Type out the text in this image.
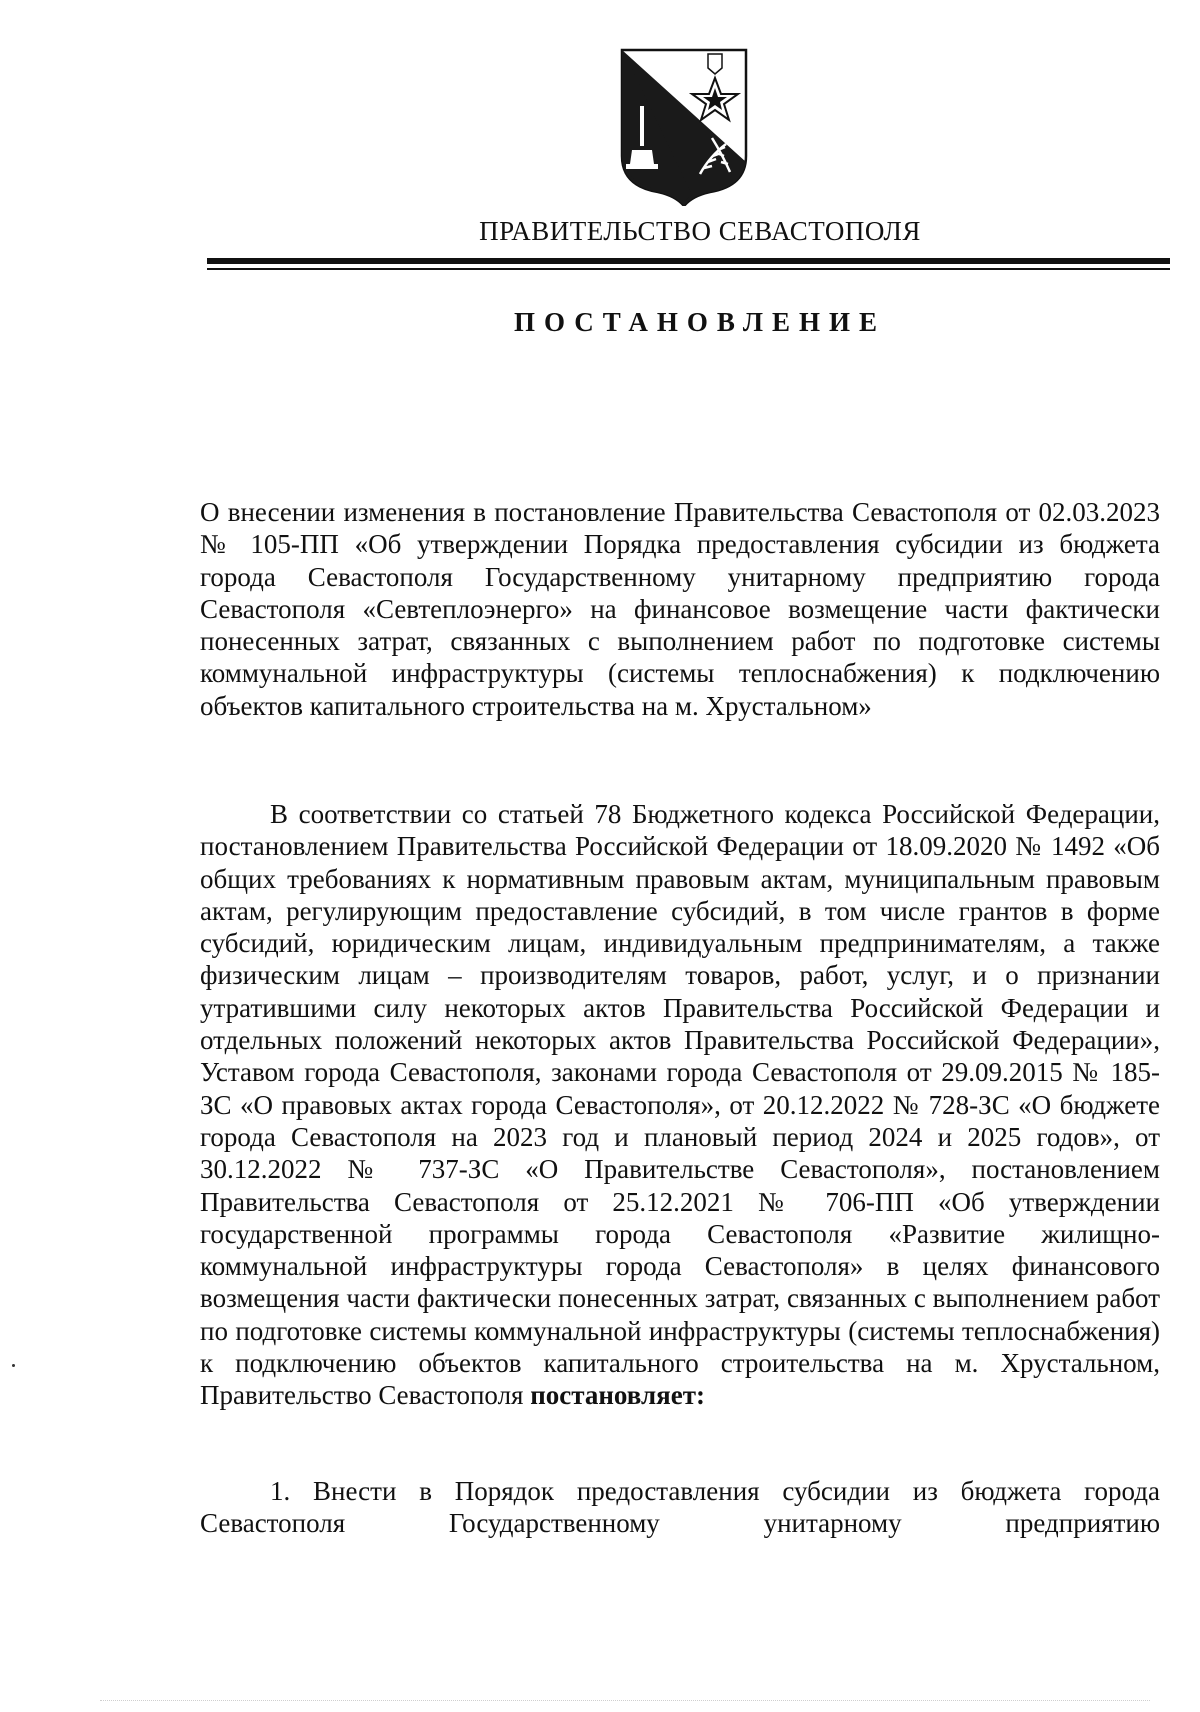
ПРАВИТЕЛЬСТВО СЕВАСТОПОЛЯ
ПОСТАНОВЛЕНИЕ
О внесении изменения в постановление Правительства Севастополя от 02.03.2023 № 105-ПП «Об утверждении Порядка предоставления субсидии из бюджета города Севастополя Государственному унитарному предприятию города Севастополя «Севтеплоэнерго» на финансовое возмещение части фактически понесенных затрат, связанных с выполнением работ по подготовке системы коммунальной инфраструктуры (системы теплоснабжения) к подключению объектов капитального строительства на м. Хрустальном»
В соответствии со статьей 78 Бюджетного кодекса Российской Федерации, постановлением Правительства Российской Федерации от 18.09.2020 № 1492 «Об общих требованиях к нормативным правовым актам, муниципальным правовым актам, регулирующим предоставление субсидий, в том числе грантов в форме субсидий, юридическим лицам, индивидуальным предпринимателям, а также физическим лицам – производителям товаров, работ, услуг, и о признании утратившими силу некоторых актов Правительства Российской Федерации и отдельных положений некоторых актов Правительства Российской Федерации», Уставом города Севастополя, законами города Севастополя от 29.09.2015 № 185-ЗС «О правовых актах города Севастополя», от 20.12.2022 № 728-ЗС «О бюджете города Севастополя на 2023 год и плановый период 2024 и 2025 годов», от 30.12.2022 № 737-ЗС «О Правительстве Севастополя», постановлением Правительства Севастополя от 25.12.2021 № 706-ПП «Об утверждении государственной программы города Севастополя «Развитие жилищно-коммунальной инфраструктуры города Севастополя» в целях финансового возмещения части фактически понесенных затрат, связанных с выполнением работ по подготовке системы коммунальной инфраструктуры (системы теплоснабжения) к подключению объектов капитального строительства на м. Хрустальном, Правительство Севастополя постановляет:
1. Внести в Порядок предоставления субсидии из бюджета города Севастополя Государственному унитарному предприятию
